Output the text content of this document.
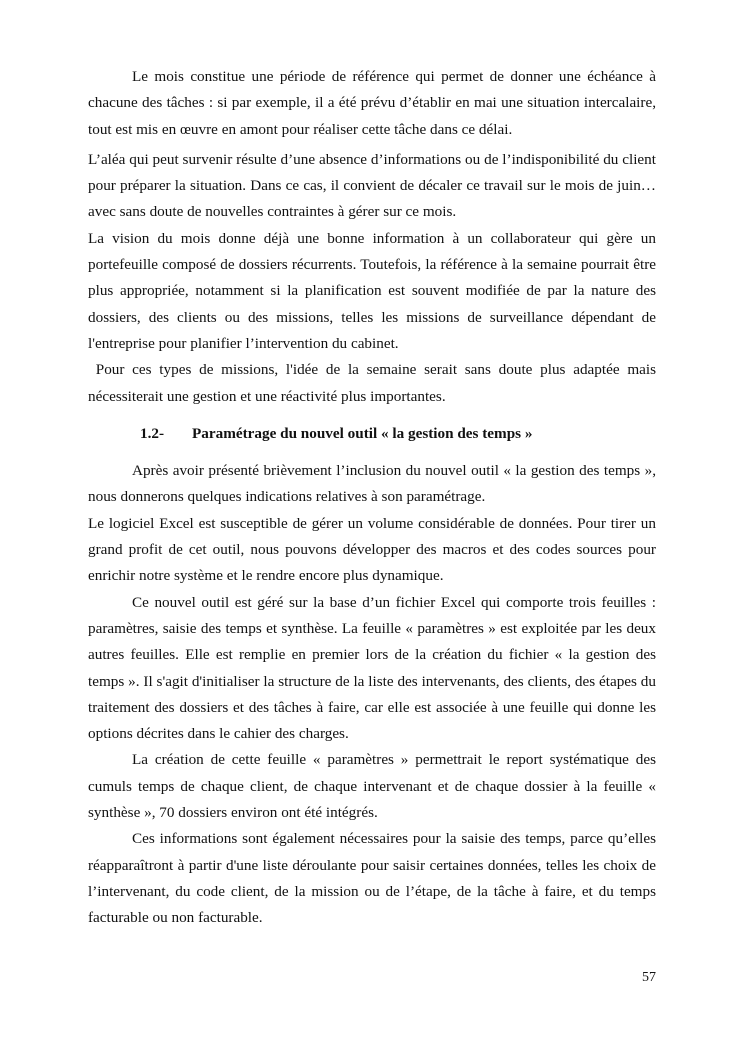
Le mois constitue une période de référence qui permet de donner une échéance à chacune des tâches : si par exemple, il a été prévu d’établir en mai une situation intercalaire, tout est mis en œuvre en amont pour réaliser cette tâche dans ce délai.

L’aléa qui peut survenir résulte d’une absence d’informations ou de l’indisponibilité du client pour préparer la situation. Dans ce cas, il convient de décaler ce travail sur le mois de juin…avec sans doute de nouvelles contraintes à gérer sur ce mois.

La vision du mois donne déjà une bonne information à un collaborateur qui gère un portefeuille composé de dossiers récurrents. Toutefois, la référence à la semaine pourrait être plus appropriée, notamment si la planification est souvent modifiée de par la nature des dossiers, des clients ou des missions, telles les missions de surveillance dépendant de l'entreprise pour planifier l’intervention du cabinet.

Pour ces types de missions, l'idée de la semaine serait sans doute plus adaptée mais nécessiterait une gestion et une réactivité plus importantes.

1.2- Paramétrage du nouvel outil « la gestion des temps »

Après avoir présenté brièvement l’inclusion du nouvel outil « la gestion des temps », nous donnerons quelques indications relatives à son paramétrage.

Le logiciel Excel est susceptible de gérer un volume considérable de données. Pour tirer un grand profit de cet outil, nous pouvons développer des macros et des codes sources pour enrichir notre système et le rendre encore plus dynamique.

Ce nouvel outil est géré sur la base d’un fichier Excel qui comporte trois feuilles : paramètres, saisie des temps et synthèse. La feuille « paramètres » est exploitée par les deux autres feuilles. Elle est remplie en premier lors de la création du fichier « la gestion des temps ». Il s'agit d'initialiser la structure de la liste des intervenants, des clients, des étapes du traitement des dossiers et des tâches à faire, car elle est associée à une feuille qui donne les options décrites dans le cahier des charges.

La création de cette feuille « paramètres » permettrait le report systématique des cumuls temps de chaque client, de chaque intervenant et de chaque dossier à la feuille « synthèse », 70 dossiers environ ont été intégrés.

Ces informations sont également nécessaires pour la saisie des temps, parce qu’elles réapparaîtront à partir d'une liste déroulante pour saisir certaines données, telles les choix de l’intervenant, du code client, de la mission ou de l’étape, de la tâche à faire, et du temps facturable ou non facturable.

57
